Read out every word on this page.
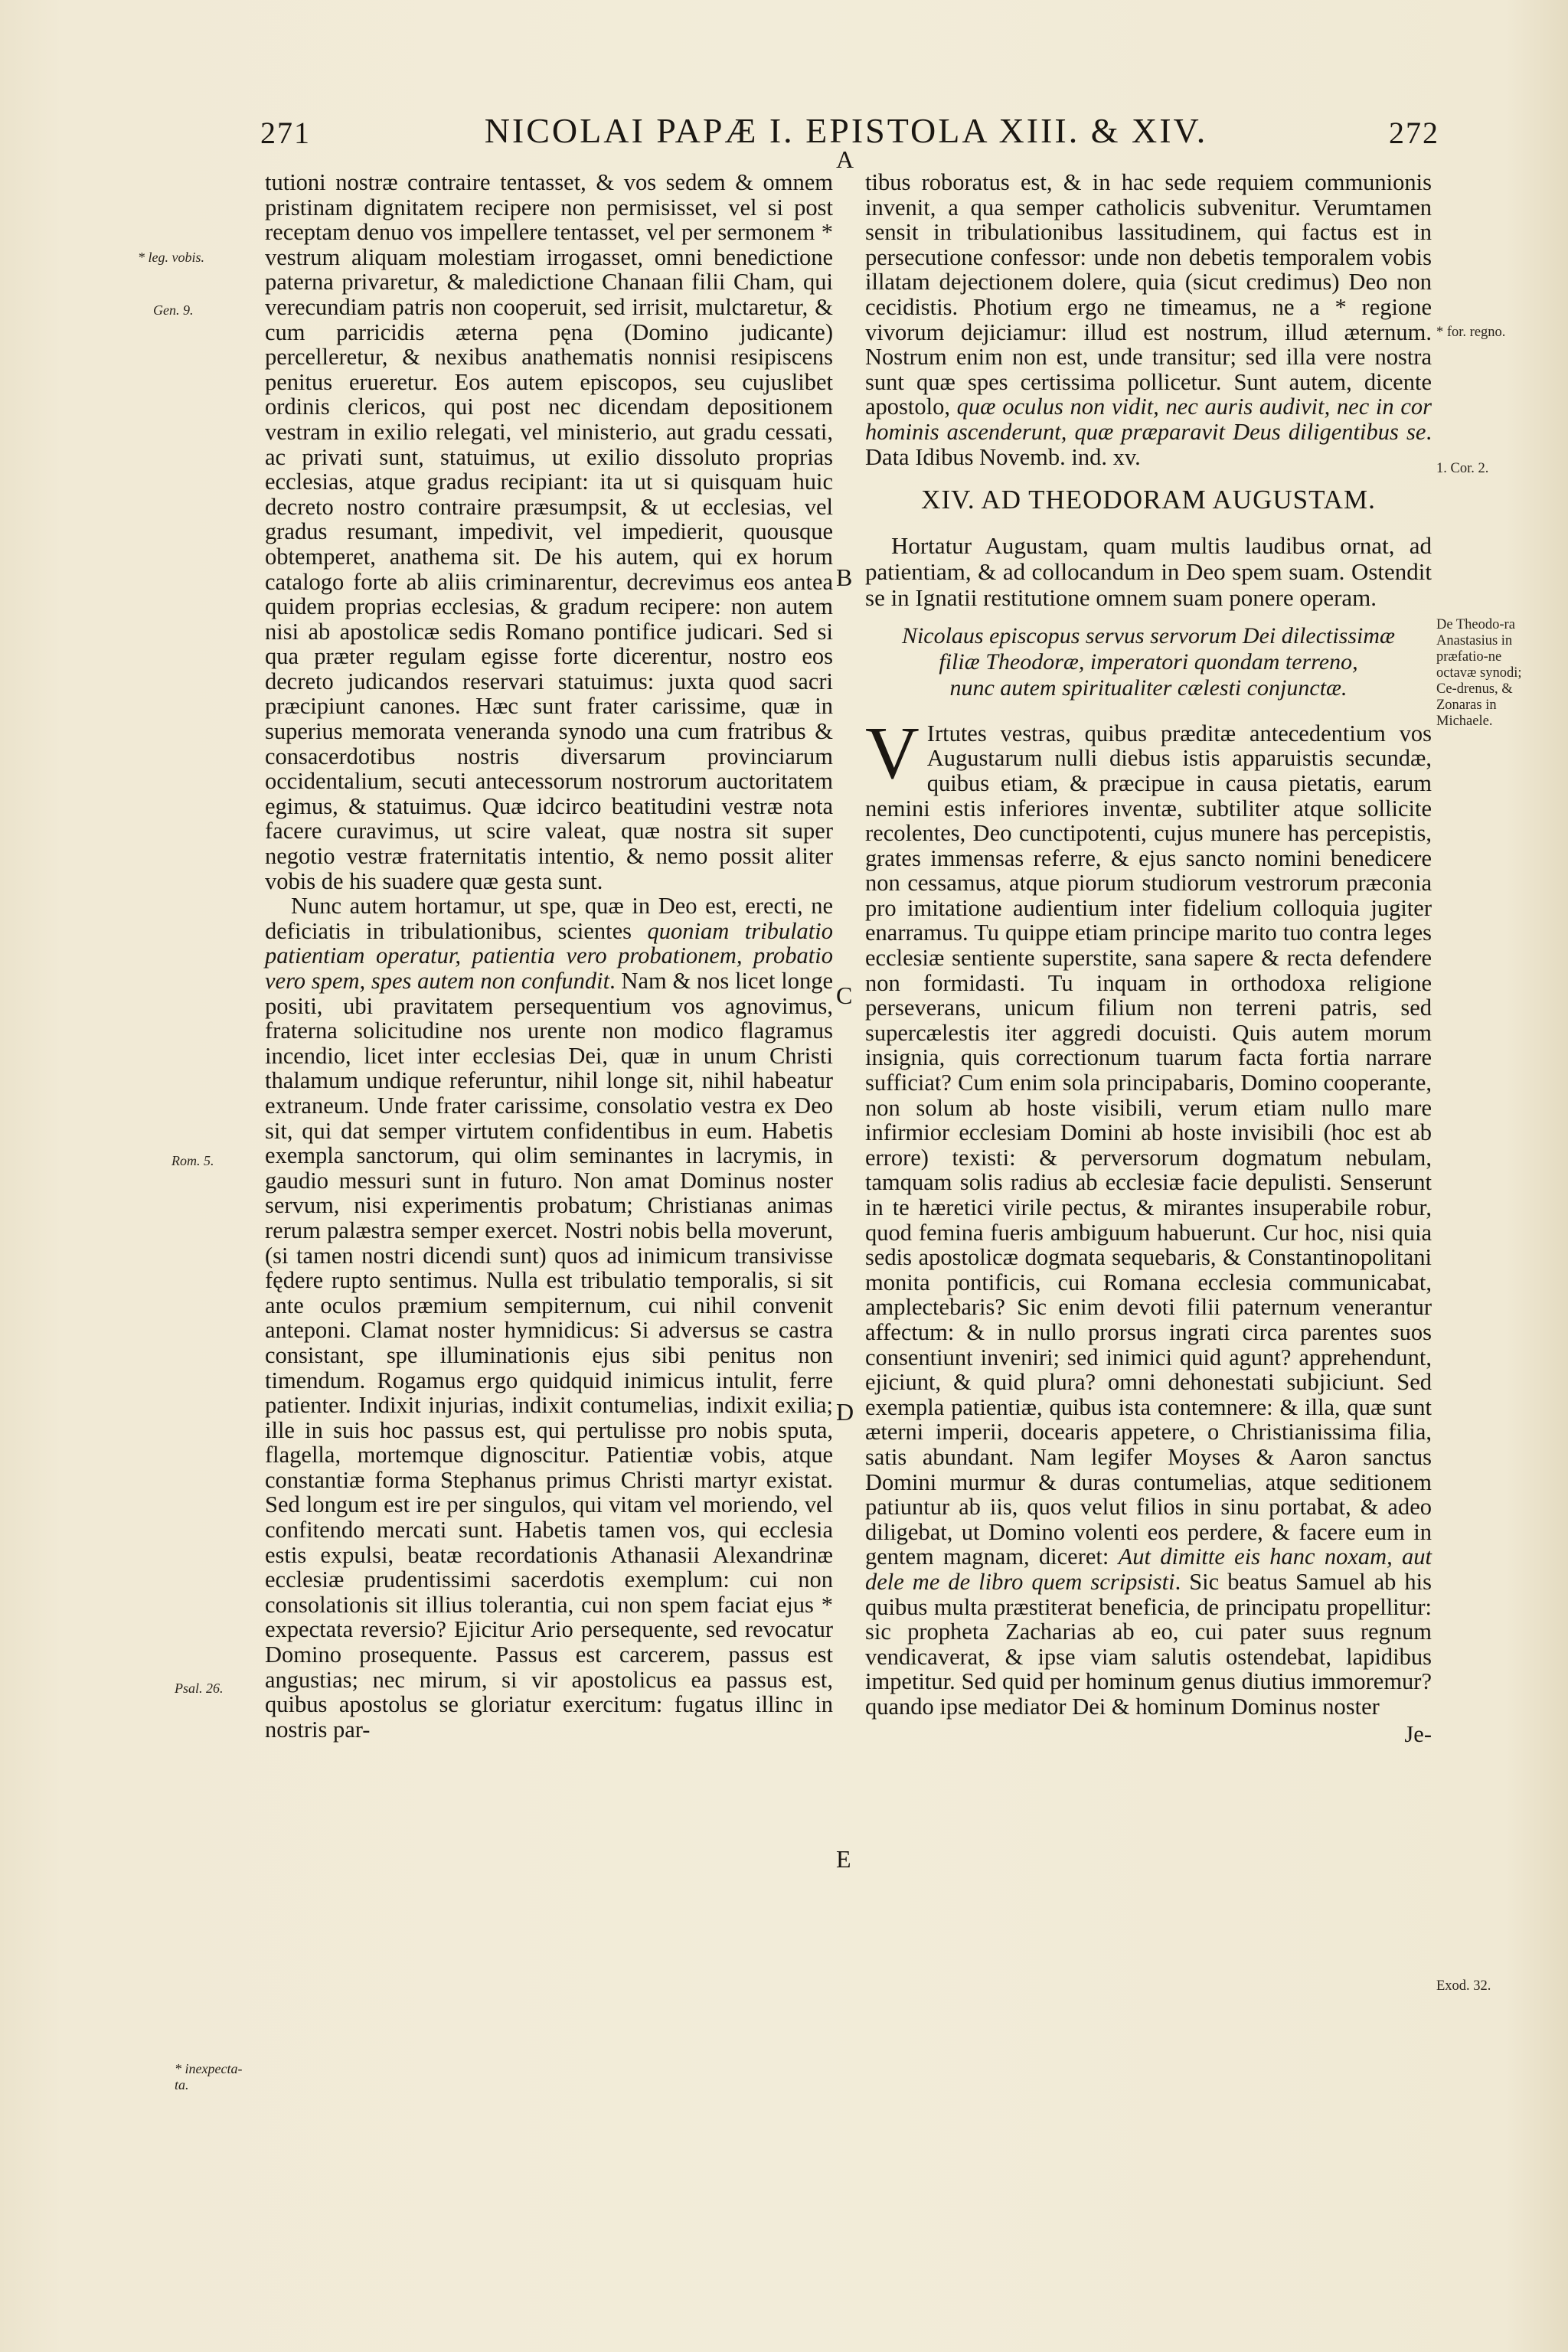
271	NICOLAI PAPÆ I. EPISTOLA XIII. & XIV.	272
A
B
C
D
E
* leg. vobis.
Gen. 9.
Rom. 5.
Psal. 26.
* inexpecta-ta.
* for. regno.
1. Cor. 2.
De Theodo-ra Anastasius in præfatio-ne octavæ synodi; Ce-drenus, & Zonaras in Michaele.
Exod. 32.

tutioni nostræ contraire tentasset, & vos sedem & omnem pristinam dignitatem recipere non permisisset, vel si post receptam denuo vos impellere tentasset, vel per sermonem * vestrum aliquam molestiam irrogasset, omni benedictione paterna privaretur, & maledictione Chanaan filii Cham, qui verecundiam patris non cooperuit, sed irrisit, mulctaretur, & cum parricidis æterna pęna (Domino judicante) percelleretur, & nexibus anathematis nonnisi resipiscens penitus erueretur. Eos autem episcopos, seu cujuslibet ordinis clericos, qui post nec dicendam depositionem vestram in exilio relegati, vel ministerio, aut gradu cessati, ac privati sunt, statuimus, ut exilio dissoluto proprias ecclesias, atque gradus recipiant: ita ut si quisquam huic decreto nostro contraire præsumpsit, & ut ecclesias, vel gradus resumant, impedivit, vel impedierit, quousque obtemperet, anathema sit. De his autem, qui ex horum catalogo forte ab aliis criminarentur, decrevimus eos antea quidem proprias ecclesias, & gradum recipere: non autem nisi ab apostolicæ sedis Romano pontifice judicari. Sed si qua præter regulam egisse forte dicerentur, nostro eos decreto judicandos reservari statuimus: juxta quod sacri præcipiunt canones. Hæc sunt frater carissime, quæ in superius memorata veneranda synodo una cum fratribus & consacerdotibus nostris diversarum provinciarum occidentalium, secuti antecessorum nostrorum auctoritatem egimus, & statuimus. Quæ idcirco beatitudini vestræ nota facere curavimus, ut scire valeat, quæ nostra sit super negotio vestræ fraternitatis intentio, & nemo possit aliter vobis de his suadere quæ gesta sunt.

Nunc autem hortamur, ut spe, quæ in Deo est, erecti, ne deficiatis in tribulationibus, scientes quoniam tribulatio patientiam operatur, patientia vero probationem, probatio vero spem, spes autem non confundit. Nam & nos licet longe positi, ubi pravitatem persequentium vos agnovimus, fraterna solicitudine nos urente non modico flagramus incendio, licet inter ecclesias Dei, quæ in unum Christi thalamum undique referuntur, nihil longe sit, nihil habeatur extraneum. Unde frater carissime, consolatio vestra ex Deo sit, qui dat semper virtutem confidentibus in eum. Habetis exempla sanctorum, qui olim seminantes in lacrymis, in gaudio messuri sunt in futuro. Non amat Dominus noster servum, nisi experimentis probatum; Christianas animas rerum palæstra semper exercet. Nostri nobis bella moverunt, (si tamen nostri dicendi sunt) quos ad inimicum transivisse fędere rupto sentimus. Nulla est tribulatio temporalis, si sit ante oculos præmium sempiternum, cui nihil convenit anteponi. Clamat noster hymnidicus: Si adversus se castra consistant, spe illuminationis ejus sibi penitus non timendum. Rogamus ergo quidquid inimicus intulit, ferre patienter. Indixit injurias, indixit contumelias, indixit exilia; ille in suis hoc passus est, qui pertulisse pro nobis sputa, flagella, mortemque dignoscitur. Patientiæ vobis, atque constantiæ forma Stephanus primus Christi martyr existat. Sed longum est ire per singulos, qui vitam vel moriendo, vel confitendo mercati sunt. Habetis tamen vos, qui ecclesia estis expulsi, beatæ recordationis Athanasii Alexandrinæ ecclesiæ prudentissimi sacerdotis exemplum: cui non consolationis sit illius tolerantia, cui non spem faciat ejus * expectata reversio? Ejicitur Ario persequente, sed revocatur Domino prosequente. Passus est carcerem, passus est angustias; nec mirum, si vir apostolicus ea passus est, quibus apostolus se gloriatur exercitum: fugatus illinc in nostris par-

tibus roboratus est, & in hac sede requiem communionis invenit, a qua semper catholicis subvenitur. Verumtamen sensit in tribulationibus lassitudinem, qui factus est in persecutione confessor: unde non debetis temporalem vobis illatam dejectionem dolere, quia (sicut credimus) Deo non cecidistis. Photium ergo ne timeamus, ne a * regione vivorum dejiciamur: illud est nostrum, illud æternum. Nostrum enim non est, unde transitur; sed illa vere nostra sunt quæ spes certissima pollicetur. Sunt autem, dicente apostolo, quæ oculus non vidit, nec auris audivit, nec in cor hominis ascenderunt, quæ præparavit Deus diligentibus se. Data Idibus Novemb. ind. xv.

XIV. AD THEODORAM AUGUSTAM.

Hortatur Augustam, quam multis laudibus ornat, ad patientiam, & ad collocandum in Deo spem suam. Ostendit se in Ignatii restitutione omnem suam ponere operam.

Nicolaus episcopus servus servorum Dei dilectissimæ
filiæ Theodoræ, imperatori quondam terreno,
nunc autem spiritualiter cælesti conjunctæ.

V Irtutes vestras, quibus præditæ antecedentium vos Augustarum nulli diebus istis apparuistis secundæ, quibus etiam, & præcipue in causa pietatis, earum nemini estis inferiores inventæ, subtiliter atque sollicite recolentes, Deo cunctipotenti, cujus munere has percepistis, grates immensas referre, & ejus sancto nomini benedicere non cessamus, atque piorum studiorum vestrorum præconia pro imitatione audientium inter fidelium colloquia jugiter enarramus. Tu quippe etiam principe marito tuo contra leges ecclesiæ sentiente superstite, sana sapere & recta defendere non formidasti. Tu inquam in orthodoxa religione perseverans, unicum filium non terreni patris, sed supercælestis iter aggredi docuisti. Quis autem morum insignia, quis correctionum tuarum facta fortia narrare sufficiat? Cum enim sola principabaris, Domino cooperante, non solum ab hoste visibili, verum etiam nullo mare infirmior ecclesiam Domini ab hoste invisibili (hoc est ab errore) texisti: & perversorum dogmatum nebulam, tamquam solis radius ab ecclesiæ facie depulisti. Senserunt in te hæretici virile pectus, & mirantes insuperabile robur, quod femina fueris ambiguum habuerunt. Cur hoc, nisi quia sedis apostolicæ dogmata sequebaris, & Constantinopolitani monita pontificis, cui Romana ecclesia communicabat, amplectebaris? Sic enim devoti filii paternum venerantur affectum: & in nullo prorsus ingrati circa parentes suos consentiunt inveniri; sed inimici quid agunt? apprehendunt, ejiciunt, & quid plura? omni dehonestati subjiciunt. Sed exempla patientiæ, quibus ista contemnere: & illa, quæ sunt æterni imperii, docearis appetere, o Christianissima filia, satis abundant. Nam legifer Moyses & Aaron sanctus Domini murmur & duras contumelias, atque seditionem patiuntur ab iis, quos velut filios in sinu portabat, & adeo diligebat, ut Domino volenti eos perdere, & facere eum in gentem magnam, diceret: Aut dimitte eis hanc noxam, aut dele me de libro quem scripsisti. Sic beatus Samuel ab his quibus multa præstiterat beneficia, de principatu propellitur: sic propheta Zacharias ab eo, cui pater suus regnum vendicaverat, & ipse viam salutis ostendebat, lapidibus impetitur. Sed quid per hominum genus diutius immoremur? quando ipse mediator Dei & hominum Dominus noster

Je-
